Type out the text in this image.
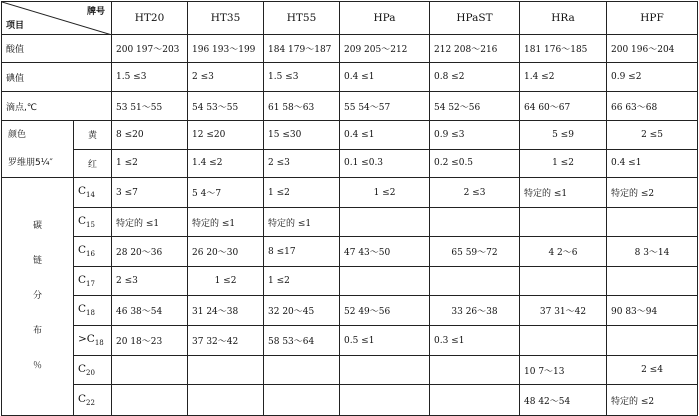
牌号
项目		HT20	HT35	HT55	HPa	HPaST	HRa	HPF
酸值		200 197～203	196 193～199	184 179～187	209 205～212	212 208～216	181 176～185	200 196～204
碘值		1.5 ≤3	2 ≤3	1.5 ≤3	0.4 ≤1	0.8 ≤2	1.4 ≤2	0.9 ≤2
滴点,℃		53 51～55	54 53～55	61 58～63	55 54～57	54 52～56	64 60～67	66 63～68

颜色
罗维朋5¼″	黄	8 ≤20	12 ≤20	15 ≤30	0.4 ≤1	0.9 ≤3	5 ≤9	2 ≤5
	红	1 ≤2	1.4 ≤2	2 ≤3	0.1 ≤0.3	0.2 ≤0.5	1 ≤2	0.4 ≤1

碳
链
分
布
％	$C_{14}$	3 ≤7	5 4～7	1 ≤2	1 ≤2	2 ≤3	特定的 ≤1	特定的 ≤2
	$C_{15}$	特定的 ≤1	特定的 ≤1	特定的 ≤1				
	$C_{16}$	28 20～36	26 20～30	8 ≤17	47 43～50	65 59～72	4 2～6	8 3～14
	$C_{17}$	2 ≤3	1 ≤2	1 ≤2				
	$C_{18}$	46 38～54	31 24～38	32 20～45	52 49～56	33 26～38	37 31～42	90 83～94
	$>C_{18}$	20 18～23	37 32～42	58 53～64	0.5 ≤1	0.3 ≤1		
	$C_{20}$						10 7～13	2 ≤4
	$C_{22}$						48 42～54	特定的 ≤2
